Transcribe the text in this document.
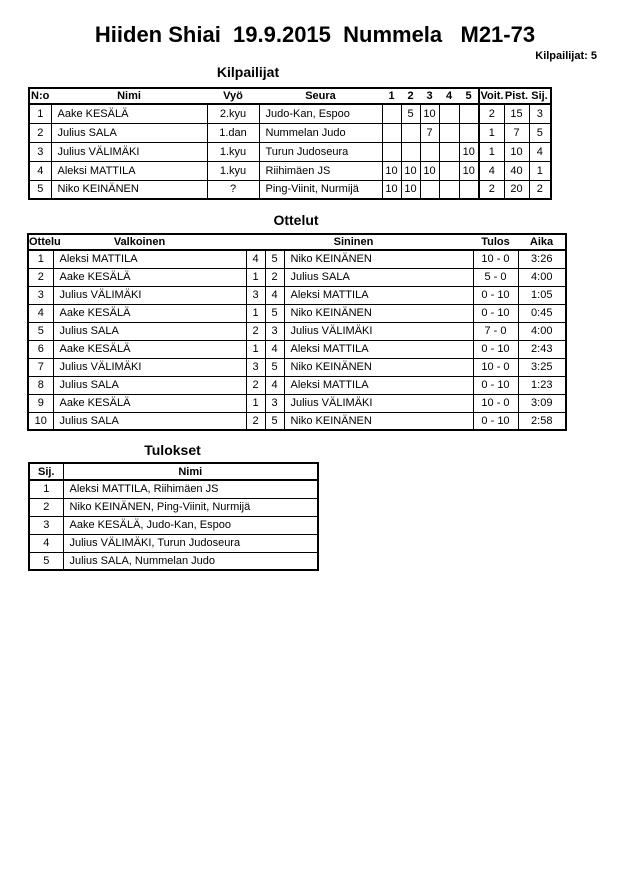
Hiiden Shiai  19.9.2015  Nummela   M21-73
Kilpailijat: 5
Kilpailijat
N:o	Nimi	Vyö	Seura	1	2	3	4	5	Voit.	Pist.	Sij.
1	Aake KESÄLÄ	2.kyu	Judo-Kan, Espoo		5	10			2	15	3
2	Julius SALA	1.dan	Nummelan Judo			7			1	7	5
3	Julius VÄLIMÄKI	1.kyu	Turun Judoseura					10	1	10	4
4	Aleksi MATTILA	1.kyu	Riihimäen JS	10	10	10		10	4	40	1
5	Niko KEINÄNEN	?	Ping-Viinit, Nurmijä	10	10				2	20	2
Ottelut
Ottelu	Valkoinen			Sininen	Tulos	Aika
1	Aleksi MATTILA	4	5	Niko KEINÄNEN	10 - 0	3:26
2	Aake KESÄLÄ	1	2	Julius SALA	5 - 0	4:00
3	Julius VÄLIMÄKI	3	4	Aleksi MATTILA	0 - 10	1:05
4	Aake KESÄLÄ	1	5	Niko KEINÄNEN	0 - 10	0:45
5	Julius SALA	2	3	Julius VÄLIMÄKI	7 - 0	4:00
6	Aake KESÄLÄ	1	4	Aleksi MATTILA	0 - 10	2:43
7	Julius VÄLIMÄKI	3	5	Niko KEINÄNEN	10 - 0	3:25
8	Julius SALA	2	4	Aleksi MATTILA	0 - 10	1:23
9	Aake KESÄLÄ	1	3	Julius VÄLIMÄKI	10 - 0	3:09
10	Julius SALA	2	5	Niko KEINÄNEN	0 - 10	2:58
Tulokset
Sij.	Nimi
1	Aleksi MATTILA, Riihimäen JS
2	Niko KEINÄNEN, Ping-Viinit, Nurmijä
3	Aake KESÄLÄ, Judo-Kan, Espoo
4	Julius VÄLIMÄKI, Turun Judoseura
5	Julius SALA, Nummelan Judo
